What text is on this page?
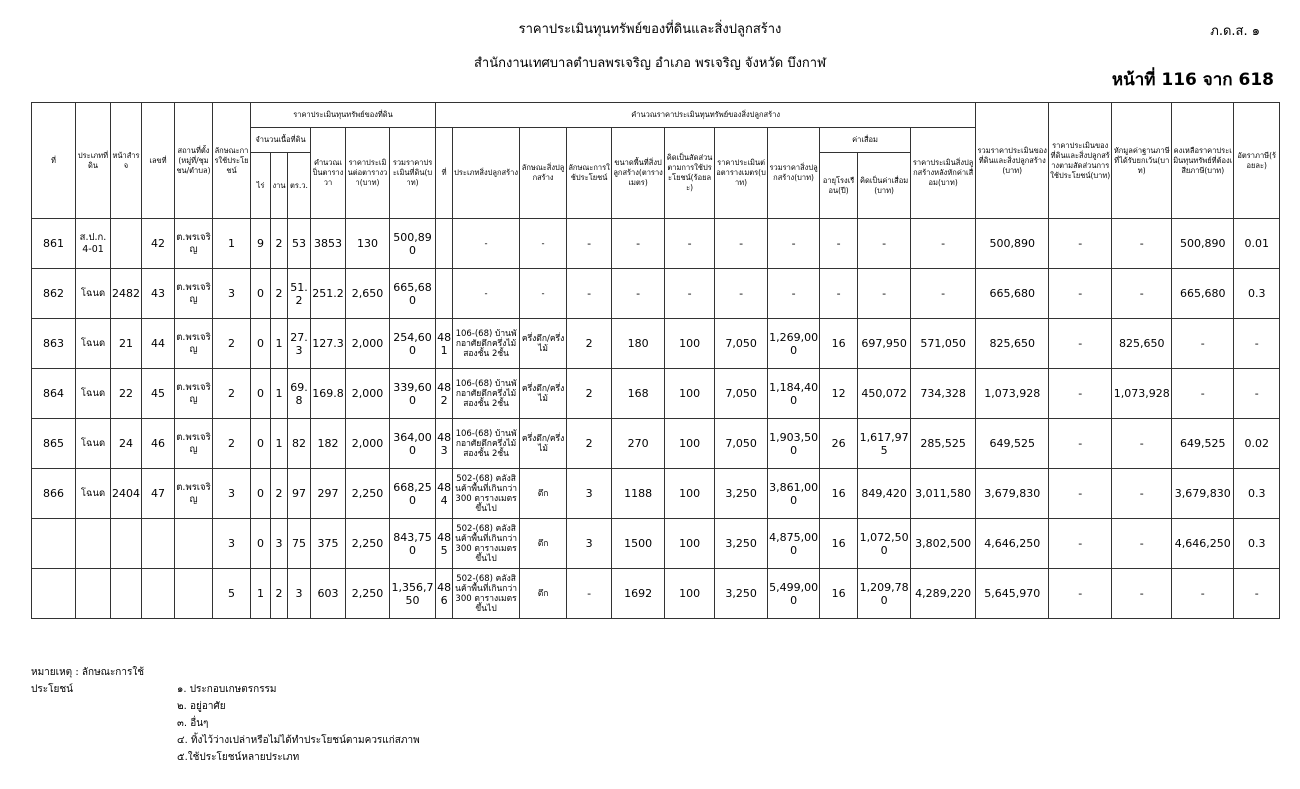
ราคาประเมินทุนทรัพย์ของที่ดินและสิ่งปลูกสร้าง
สำนักงานเทศบาลตำบลพรเจริญ อำเภอ พรเจริญ จังหวัด บึงกาฬ
ภ.ด.ส. ๑
หน้าที่ 116 จาก 618
ที่	ประเภทที่ดิน	หน้าสำรจ	เลขที่	สถานที่ตั้ง(หมู่ที่/ชุมชน/ตำบล)	ลักษณะการใช้ประโยชน์	ราคาประเมินทุนทรัพย์ของที่ดิน						คำนวณราคาประเมินทุนทรัพย์ของสิ่งปลูกสร้าง											รวมราคาประเมินของที่ดินและสิ่งปลูกสร้าง(บาท)	ราคาประเมินของที่ดินและสิ่งปลูกสร้างตามสัดส่วนการใช้ประโยชน์(บาท)	หักมูลค่าฐานภาษีที่ได้รับยกเว้น(บาท)	คงเหลือราคาประเมินทุนทรัพย์ที่ต้องเสียภาษี(บาท)	อัตราภาษี(ร้อยละ)
						จำนวนเนื้อที่ดิน			คำนวณเป็นตารางวา	ราคาประเมินต่อตารางวา(บาท)	รวมราคาประเมินที่ดิน(บาท)	ที่	ประเภทสิ่งปลูกสร้าง	ลักษณะสิ่งปลูกสร้าง	ลักษณะการใช้ประโยชน์	ขนาดพื้นที่สิ่งปลูกสร้าง(ตารางเมตร)	คิดเป็นสัดส่วนตามการใช้ประโยชน์(ร้อยละ)	ราคาประเมินต่อตารางเมตร(บาท)	รวมราคาสิ่งปลูกสร้าง(บาท)	ค่าเสื่อม		ราคาประเมินสิ่งปลูกสร้างหลังหักค่าเสื่อม(บาท)					
						ไร่	งาน	ตร.ว.												อายุโรงเรือน(ปี)	คิดเป็นค่าเสื่อม(บาท)						
861	ส.ป.ก. 4-01		42	ต.พรเจริญ	1	9	2	53	3853	130	500,890		-	-	-	-	-	-	-	-	-	-	500,890	-	-	500,890	0.01
862	โฉนด	2482	43	ต.พรเจริญ	3	0	2	51.2	251.2	2,650	665,680		-	-	-	-	-	-	-	-	-	-	665,680	-	-	665,680	0.3
863	โฉนด	21	44	ต.พรเจริญ	2	0	1	27.3	127.3	2,000	254,600	481	106-(68) บ้านพักอาศัยตึกครึ่งไม้สองชั้น 2ชั้น	ครึ่งตึก/ครึ่งไม้	2	180	100	7,050	1,269,000	16	697,950	571,050	825,650	-	825,650	-	-
864	โฉนด	22	45	ต.พรเจริญ	2	0	1	69.8	169.8	2,000	339,600	482	106-(68) บ้านพักอาศัยตึกครึ่งไม้สองชั้น 2ชั้น	ครึ่งตึก/ครึ่งไม้	2	168	100	7,050	1,184,400	12	450,072	734,328	1,073,928	-	1,073,928	-	-
865	โฉนด	24	46	ต.พรเจริญ	2	0	1	82	182	2,000	364,000	483	106-(68) บ้านพักอาศัยตึกครึ่งไม้สองชั้น 2ชั้น	ครึ่งตึก/ครึ่งไม้	2	270	100	7,050	1,903,500	26	1,617,975	285,525	649,525	-	-	649,525	0.02
866	โฉนด	2404	47	ต.พรเจริญ	3	0	2	97	297	2,250	668,250	484	502-(68) คลังสินค้าพื้นที่เกินกว่า 300 ตารางเมตรขึ้นไป	ตึก	3	1188	100	3,250	3,861,000	16	849,420	3,011,580	3,679,830	-	-	3,679,830	0.3
					3	0	3	75	375	2,250	843,750	485	502-(68) คลังสินค้าพื้นที่เกินกว่า 300 ตารางเมตรขึ้นไป	ตึก	3	1500	100	3,250	4,875,000	16	1,072,500	3,802,500	4,646,250	-	-	4,646,250	0.3
					5	1	2	3	603	2,250	1,356,750	486	502-(68) คลังสินค้าพื้นที่เกินกว่า 300 ตารางเมตรขึ้นไป	ตึก	-	1692	100	3,250	5,499,000	16	1,209,780	4,289,220	5,645,970	-	-	-	-
หมายเหตุ : ลักษณะการใช้ประโยชน์	๑. ประกอบเกษตรกรรม
๒. อยู่อาศัย
๓. อื่นๆ
๔. ทิ้งไว้ว่างเปล่าหรือไม่ได้ทำประโยชน์ตามควรแก่สภาพ
๕.ใช้ประโยชน์หลายประเภท
